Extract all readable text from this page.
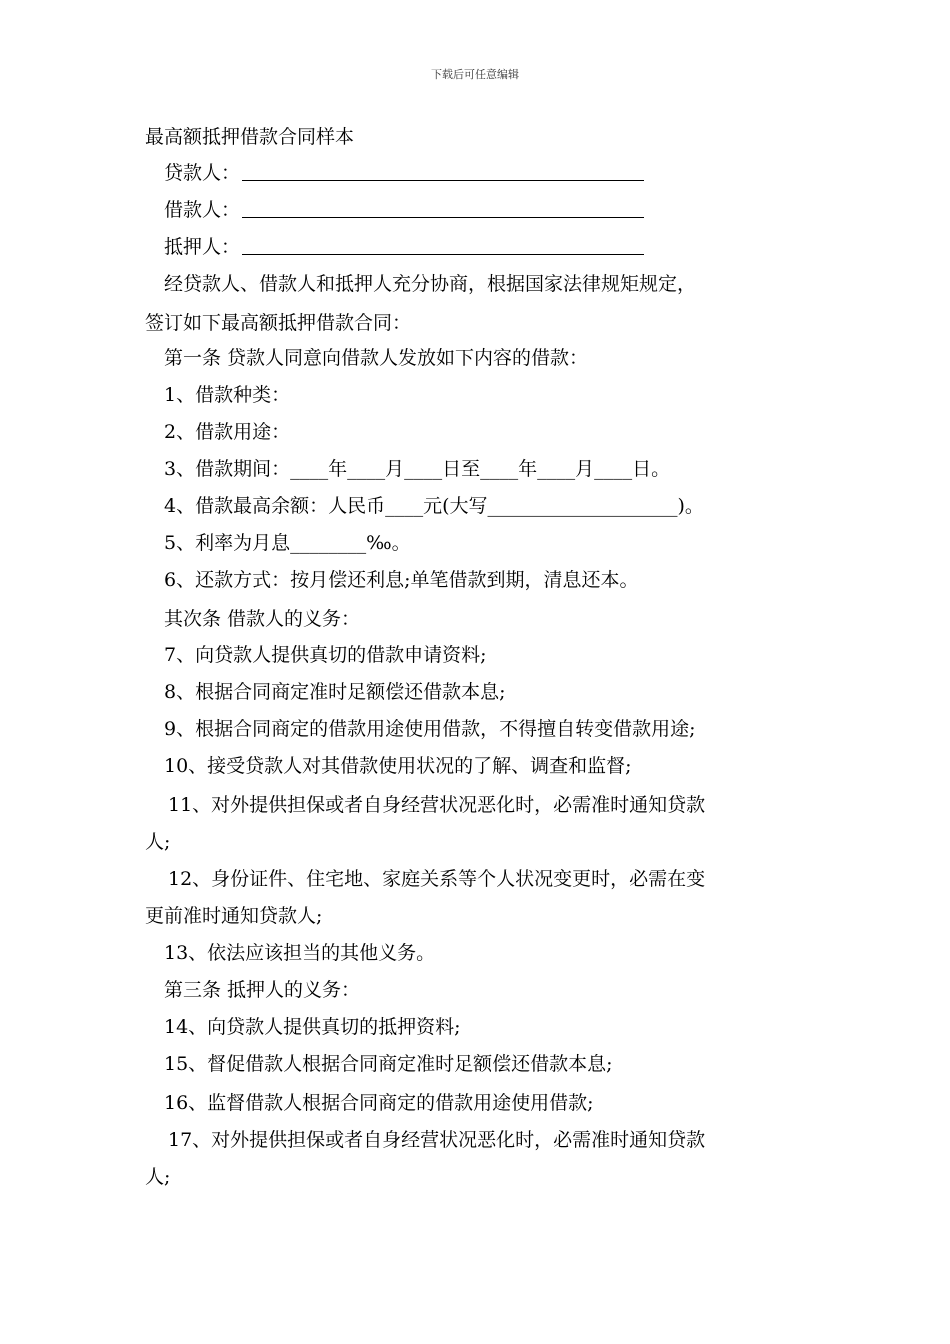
下载后可任意编辑
最高额抵押借款合同样本
贷款人：
借款人：
抵押人：
经贷款人、借款人和抵押人充分协商，根据国家法律规矩规定，
签订如下最高额抵押借款合同：
第一条 贷款人同意向借款人发放如下内容的借款：
1、借款种类：
2、借款用途：
3、借款期间：____年____月____日至____年____月____日。
4、借款最高余额：人民币____元(大写____________________)。
5、利率为月息________‰。
6、还款方式：按月偿还利息;单笔借款到期，清息还本。
其次条 借款人的义务：
7、向贷款人提供真切的借款申请资料;
8、根据合同商定准时足额偿还借款本息;
9、根据合同商定的借款用途使用借款，不得擅自转变借款用途;
10、接受贷款人对其借款使用状况的了解、调查和监督;
11、对外提供担保或者自身经营状况恶化时，必需准时通知贷款
人;
12、身份证件、住宅地、家庭关系等个人状况变更时，必需在变
更前准时通知贷款人;
13、依法应该担当的其他义务。
第三条 抵押人的义务：
14、向贷款人提供真切的抵押资料;
15、督促借款人根据合同商定准时足额偿还借款本息;
16、监督借款人根据合同商定的借款用途使用借款;
17、对外提供担保或者自身经营状况恶化时，必需准时通知贷款
人;
